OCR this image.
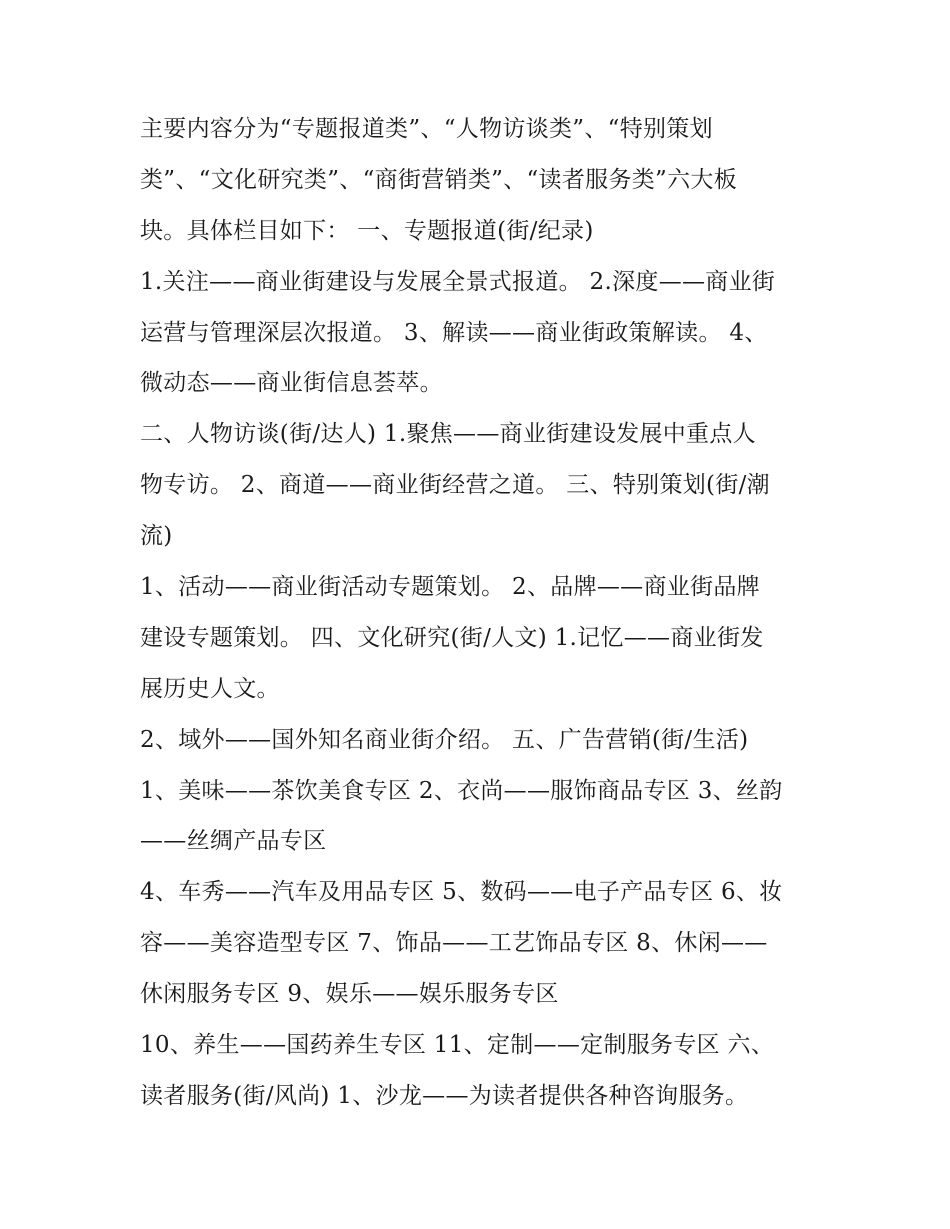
主要内容分为“专题报道类”、“人物访谈类”、“特别策划
类”、“文化研究类”、“商街营销类”、“读者服务类”六大板
块。具体栏目如下： 一、专题报道(街/纪录)
1.关注——商业街建设与发展全景式报道。 2.深度——商业街
运营与管理深层次报道。 3、解读——商业街政策解读。 4、
微动态——商业街信息荟萃。
二、人物访谈(街/达人) 1.聚焦——商业街建设发展中重点人
物专访。 2、商道——商业街经营之道。 三、特别策划(街/潮
流)
1、活动——商业街活动专题策划。 2、品牌——商业街品牌
建设专题策划。 四、文化研究(街/人文) 1.记忆——商业街发
展历史人文。
2、域外——国外知名商业街介绍。 五、广告营销(街/生活)
1、美味——茶饮美食专区 2、衣尚——服饰商品专区 3、丝韵
——丝绸产品专区
4、车秀——汽车及用品专区 5、数码——电子产品专区 6、妆
容——美容造型专区 7、饰品——工艺饰品专区 8、休闲——
休闲服务专区 9、娱乐——娱乐服务专区
10、养生——国药养生专区 11、定制——定制服务专区 六、
读者服务(街/风尚) 1、沙龙——为读者提供各种咨询服务。
